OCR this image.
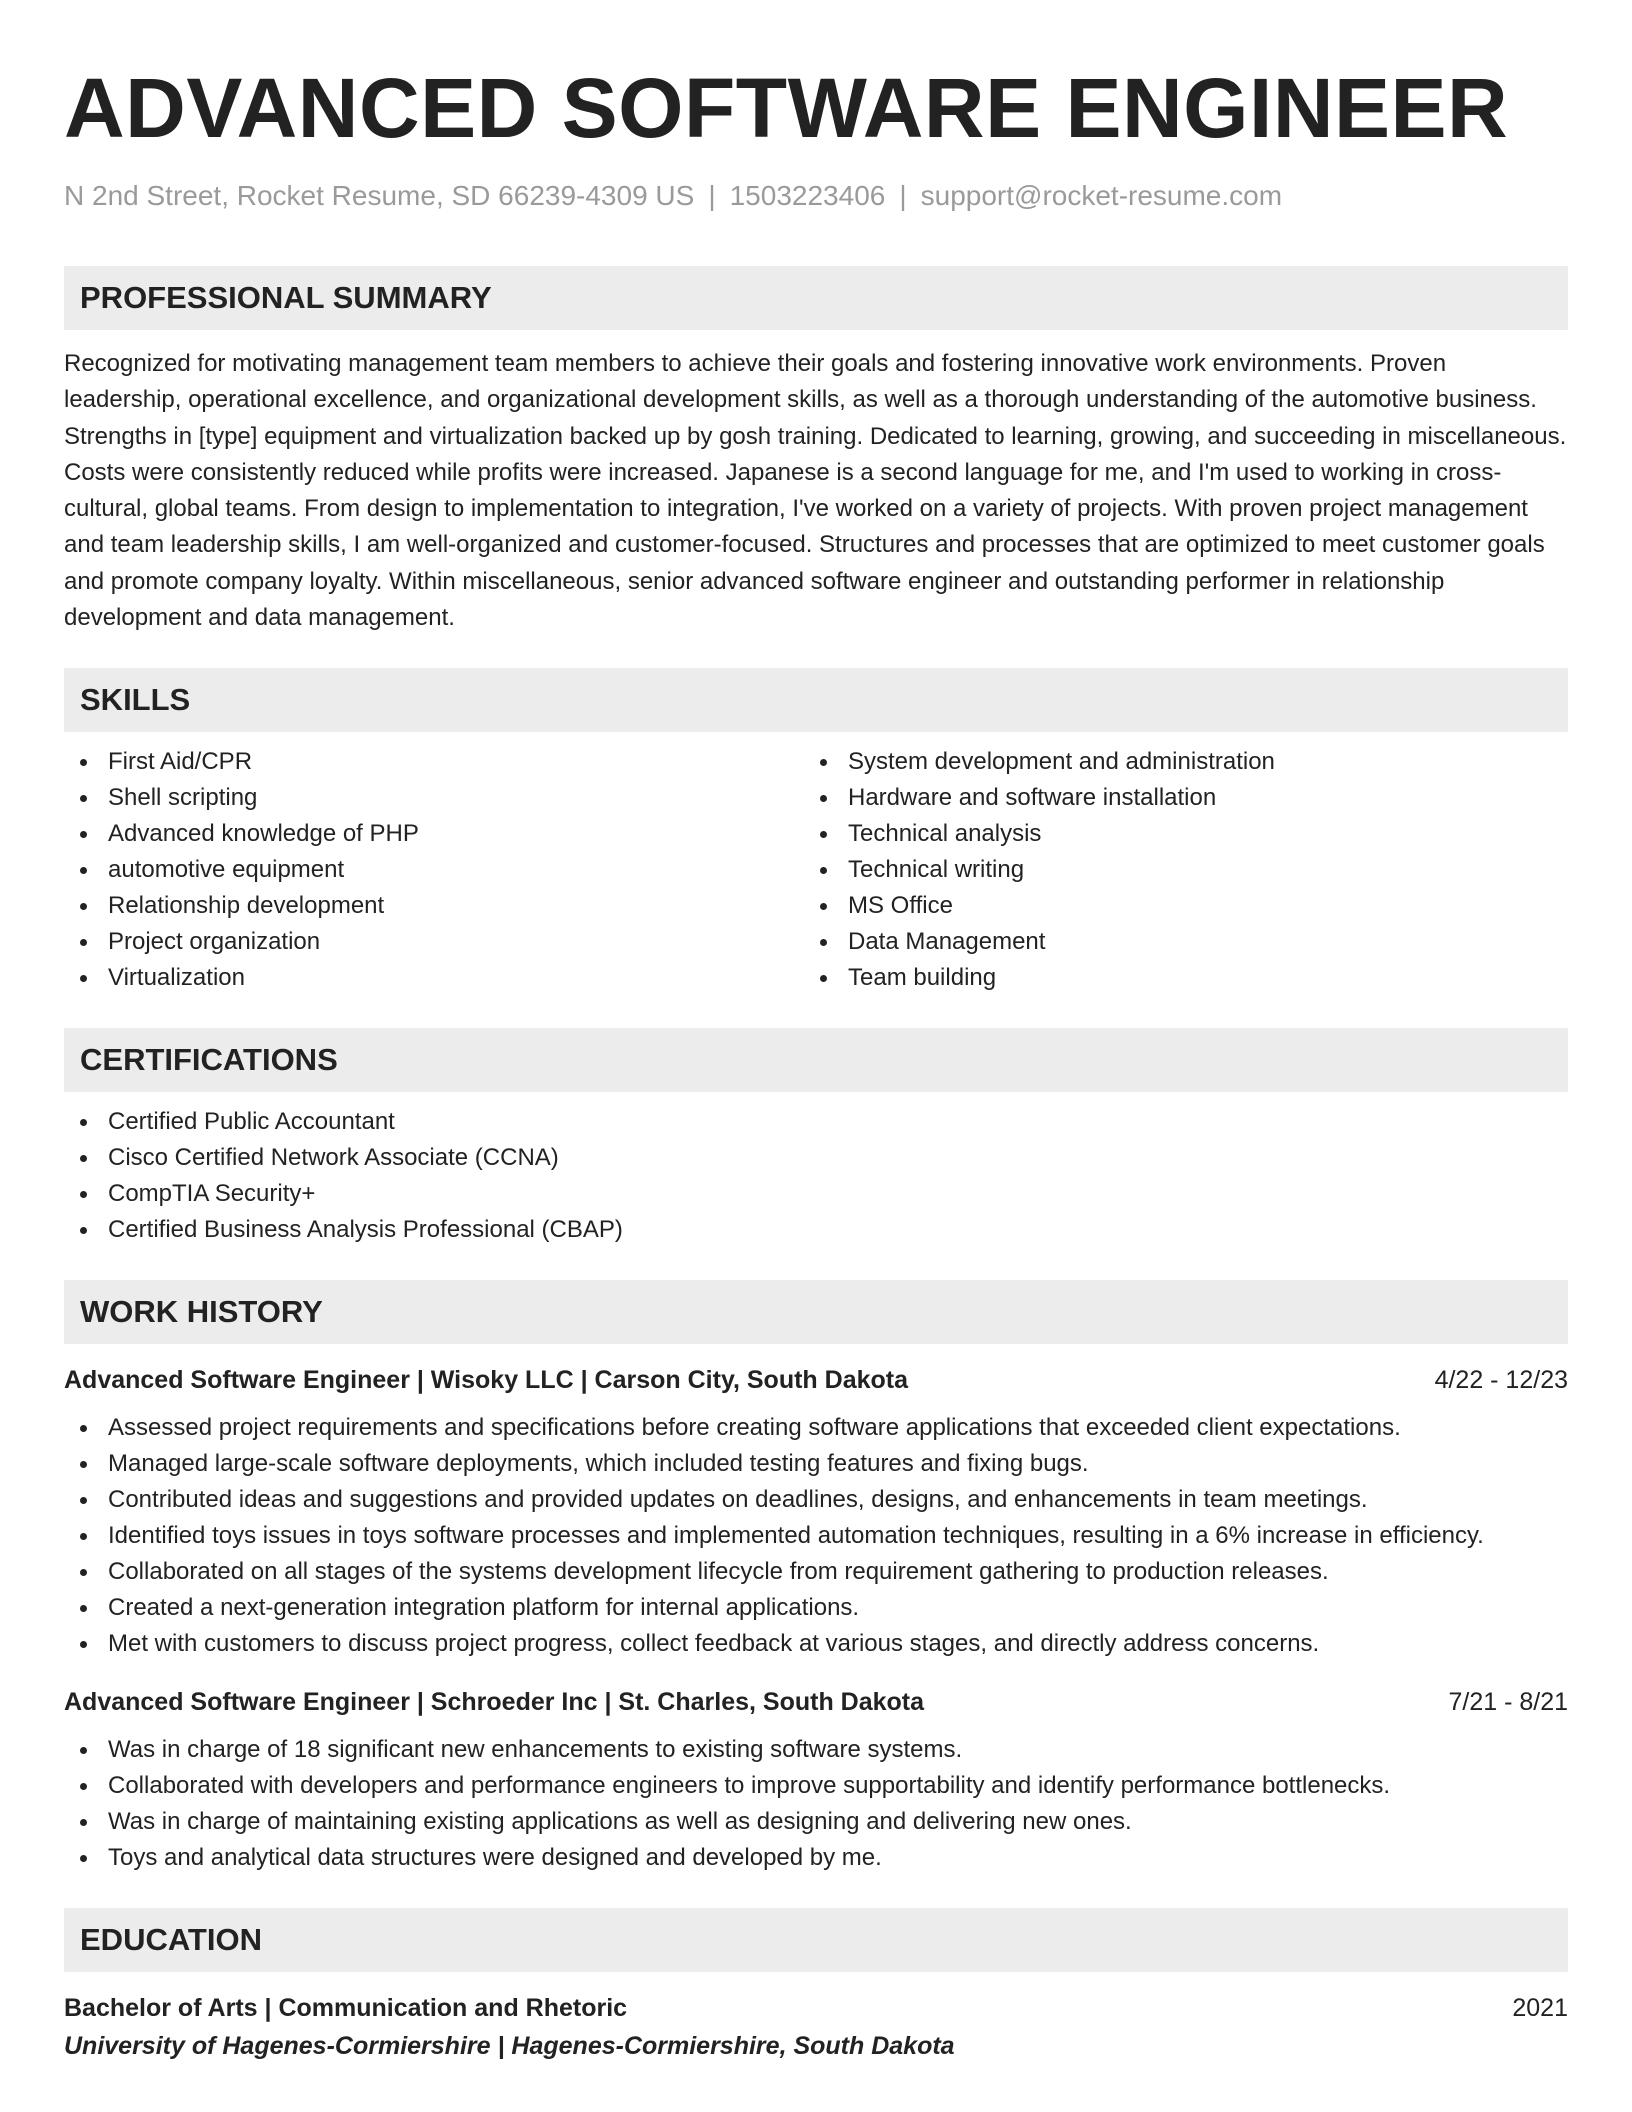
ADVANCED SOFTWARE ENGINEER
N 2nd Street, Rocket Resume, SD 66239-4309 US | 1503223406 | support@rocket-resume.com
PROFESSIONAL SUMMARY

Recognized for motivating management team members to achieve their goals and fostering innovative work environments. Proven leadership, operational excellence, and organizational development skills, as well as a thorough understanding of the automotive business. Strengths in [type] equipment and virtualization backed up by gosh training. Dedicated to learning, growing, and succeeding in miscellaneous. Costs were consistently reduced while profits were increased. Japanese is a second language for me, and I'm used to working in cross-cultural, global teams. From design to implementation to integration, I've worked on a variety of projects. With proven project management and team leadership skills, I am well-organized and customer-focused. Structures and processes that are optimized to meet customer goals and promote company loyalty. Within miscellaneous, senior advanced software engineer and outstanding performer in relationship development and data management.

SKILLS
First Aid/CPR
Shell scripting
Advanced knowledge of PHP
automotive equipment
Relationship development
Project organization
Virtualization
System development and administration
Hardware and software installation
Technical analysis
Technical writing
MS Office
Data Management
Team building
CERTIFICATIONS
Certified Public Accountant
Cisco Certified Network Associate (CCNA)
CompTIA Security+
Certified Business Analysis Professional (CBAP)
WORK HISTORY
Advanced Software Engineer | Wisoky LLC | Carson City, South Dakota	4/22 - 12/23
Assessed project requirements and specifications before creating software applications that exceeded client expectations.
Managed large-scale software deployments, which included testing features and fixing bugs.
Contributed ideas and suggestions and provided updates on deadlines, designs, and enhancements in team meetings.
Identified toys issues in toys software processes and implemented automation techniques, resulting in a 6% increase in efficiency.
Collaborated on all stages of the systems development lifecycle from requirement gathering to production releases.
Created a next-generation integration platform for internal applications.
Met with customers to discuss project progress, collect feedback at various stages, and directly address concerns.
Advanced Software Engineer | Schroeder Inc | St. Charles, South Dakota	7/21 - 8/21
Was in charge of 18 significant new enhancements to existing software systems.
Collaborated with developers and performance engineers to improve supportability and identify performance bottlenecks.
Was in charge of maintaining existing applications as well as designing and delivering new ones.
Toys and analytical data structures were designed and developed by me.
EDUCATION
Bachelor of Arts | Communication and Rhetoric	2021
University of Hagenes-Cormiershire | Hagenes-Cormiershire, South Dakota
